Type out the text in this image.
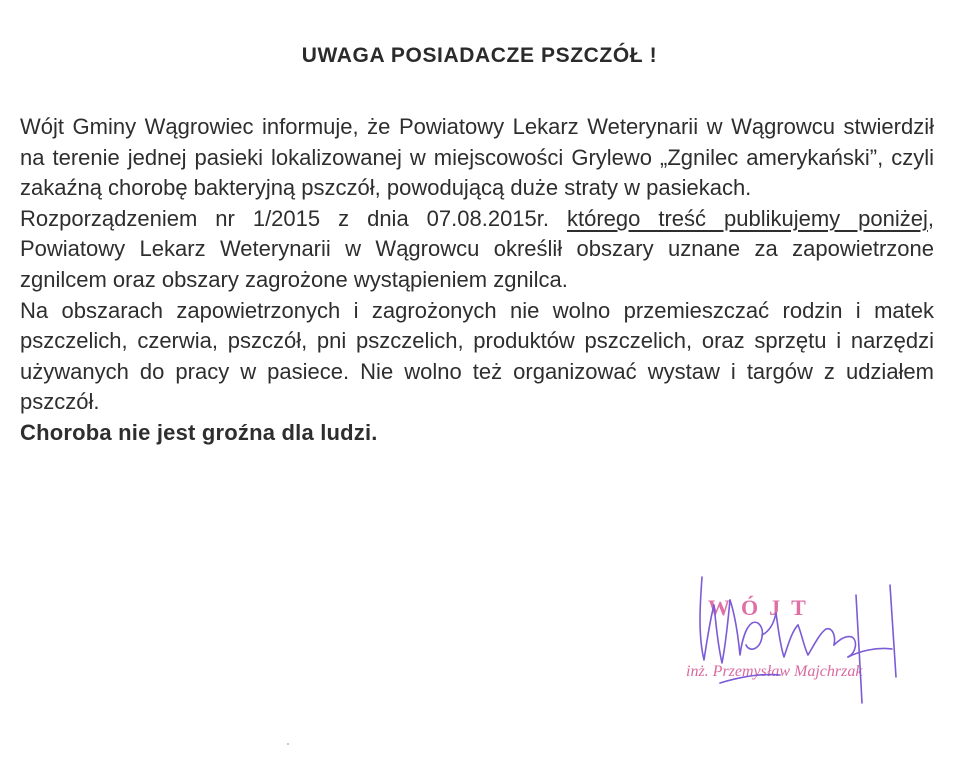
UWAGA POSIADACZE PSZCZÓŁ !

Wójt Gminy Wągrowiec informuje, że Powiatowy Lekarz Weterynarii w Wągrowcu stwierdził na terenie jednej pasieki lokalizowanej w miejscowości Grylewo „Zgnilec amerykański”, czyli zakaźną chorobę bakteryjną pszczół, powodującą duże straty w pasiekach.

Rozporządzeniem nr 1/2015 z dnia 07.08.2015r. którego treść publikujemy poniżej, Powiatowy Lekarz Weterynarii w Wągrowcu określił obszary uznane za zapowietrzone zgnilcem oraz obszary zagrożone wystąpieniem zgnilca.

Na obszarach zapowietrzonych i zagrożonych nie wolno przemieszczać rodzin i matek pszczelich, czerwia, pszczół, pni pszczelich, produktów pszczelich, oraz sprzętu i narzędzi używanych do pracy w pasiece. Nie wolno też organizować wystaw i targów z udziałem pszczół.

Choroba nie jest groźna dla ludzi.

WÓJT
inż. Przemysław Majchrzak
